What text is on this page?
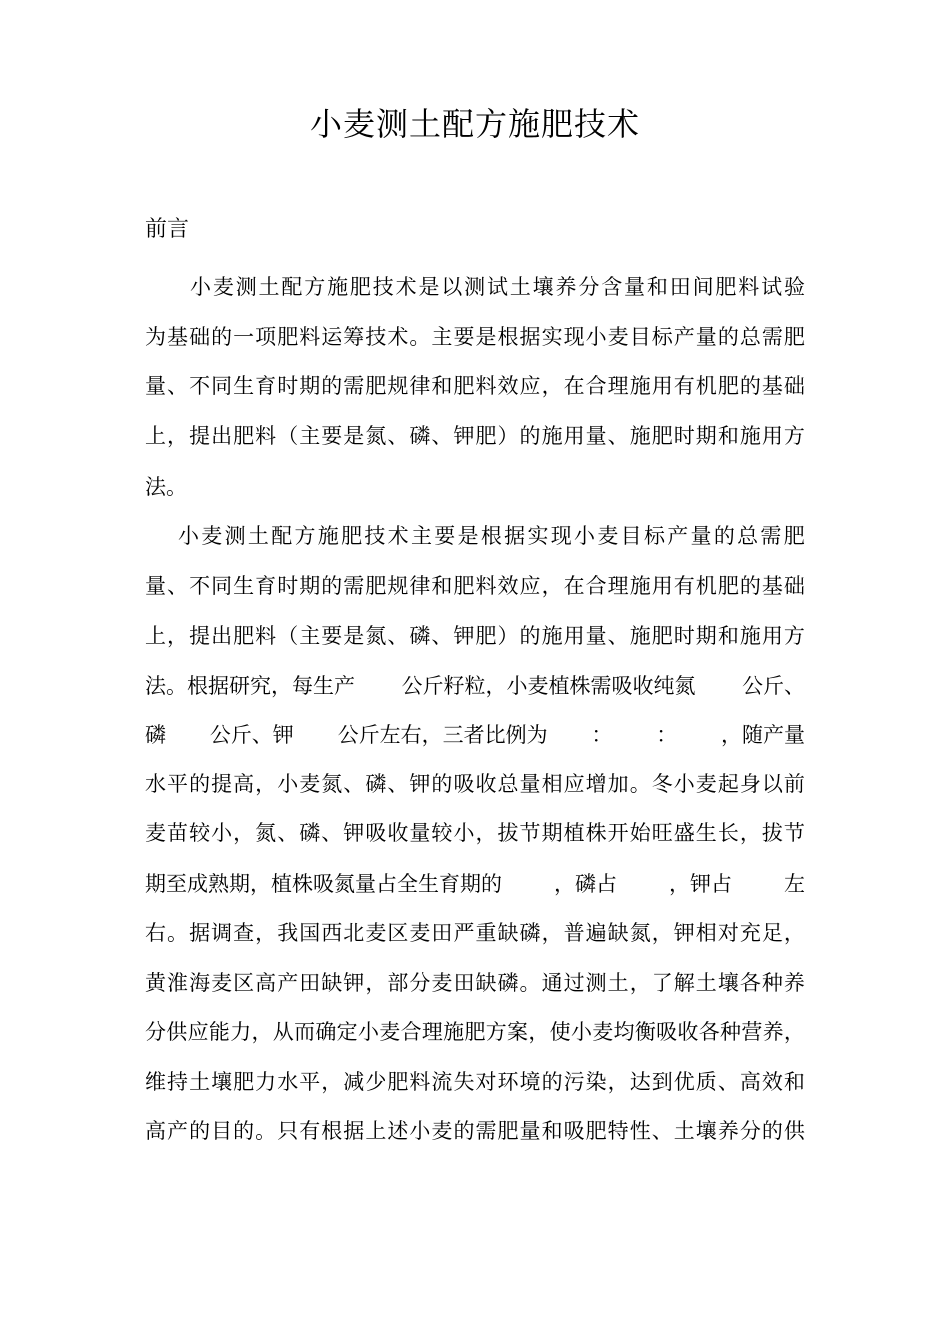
小麦测土配方施肥技术
前言
小 麦 测 土 配 方 施 肥 技 术 是 以 测 试 土 壤 养 分 含 量 和 田 间 肥 料 试 验
为 基 础 的 一 项 肥 料 运 筹 技 术 。 主 要 是 根 据 实 现 小 麦 目 标 产 量 的 总 需 肥
量 、 不 同 生 育 时 期 的 需 肥 规 律 和 肥 料 效 应 ， 在 合 理 施 用 有 机 肥 的 基 础
上 ， 提 出 肥 料 （ 主 要 是 氮 、 磷 、 钾 肥 ） 的 施 用 量 、 施 肥 时 期 和 施 用 方
法。
小 麦 测 土 配 方 施 肥 技 术 主 要 是 根 据 实 现 小 麦 目 标 产 量 的 总 需 肥
量 、 不 同 生 育 时 期 的 需 肥 规 律 和 肥 料 效 应 ， 在 合 理 施 用 有 机 肥 的 基 础
上 ， 提 出 肥 料 （ 主 要 是 氮 、 磷 、 钾 肥 ） 的 施 用 量 、 施 肥 时 期 和 施 用 方
法。根据研究，每生产 公斤籽粒，小麦植株需吸收纯氮 公斤、
磷 公斤、钾 公斤左右，三者比例为 ： ： ，随产量
水 平 的 提 高 ， 小 麦 氮 、 磷 、 钾 的 吸 收 总 量 相 应 增 加 。 冬 小 麦 起 身 以 前
麦 苗 较 小 ， 氮 、 磷 、 钾 吸 收 量 较 小 ， 拔 节 期 植 株 开 始 旺 盛 生 长 ， 拔 节
期至成熟期，植株吸氮量占全生育期的 ，磷占 ，钾占 左
右 。 据 调 查 ， 我 国 西 北 麦 区 麦 田 严 重 缺 磷 ， 普 遍 缺 氮 ， 钾 相 对 充 足 ，
黄 淮 海 麦 区 高 产 田 缺 钾 ， 部 分 麦 田 缺 磷 。 通 过 测 土 ， 了 解 土 壤 各 种 养
分 供 应 能 力 ， 从 而 确 定 小 麦 合 理 施 肥 方 案 ， 使 小 麦 均 衡 吸 收 各 种 营 养 ，
维 持 土 壤 肥 力 水 平 ， 减 少 肥 料 流 失 对 环 境 的 污 染 ， 达 到 优 质 、 高 效 和
高 产 的 目 的 。 只 有 根 据 上 述 小 麦 的 需 肥 量 和 吸 肥 特 性 、 土 壤 养 分 的 供
